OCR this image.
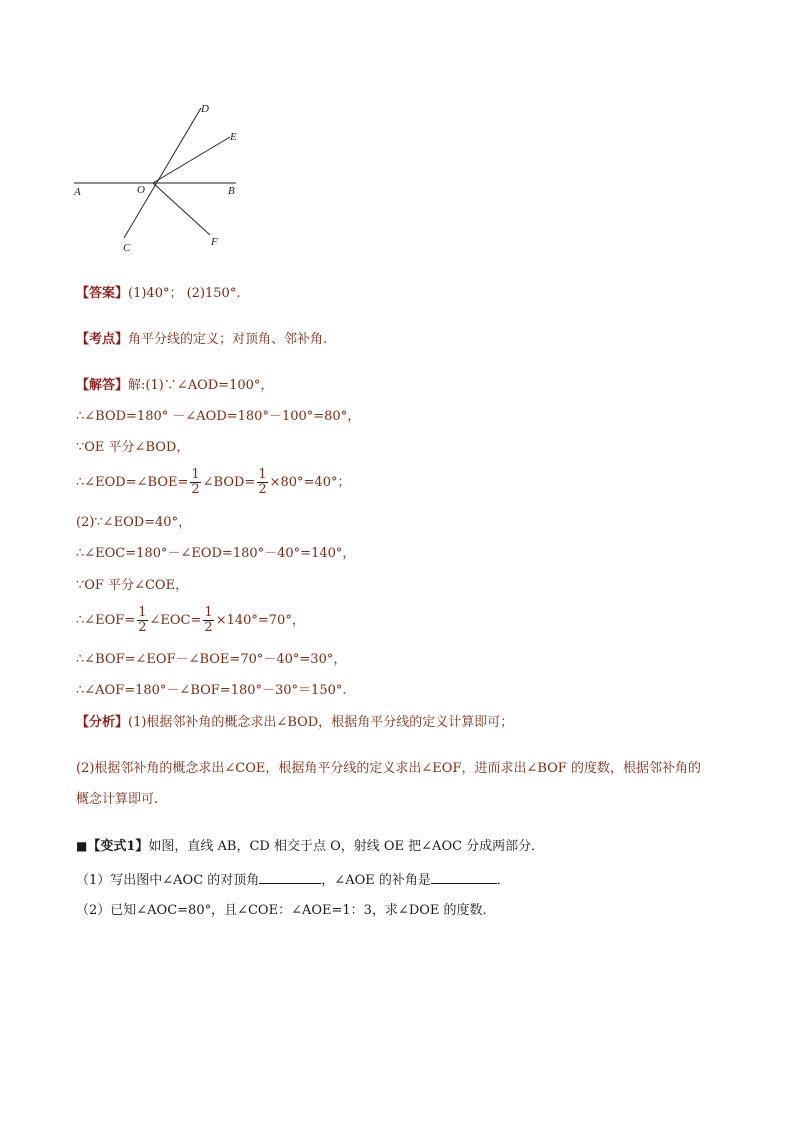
A	O	B
C
D
E
F
【答案】(1)40°； (2)150°.
【考点】角平分线的定义；对顶角、邻补角.
【解答】解:(1)∵∠AOD=100°，
∴∠BOD=180° －∠AOD=180°－100°=80°，
∵OE 平分∠BOD，
∴∠EOD=∠BOE= $\frac{1}{2}$ ∠BOD= $\frac{1}{2} \times 80^\circ=40^\circ$；
(2)∵∠EOD=40°，
∴∠EOC=180°－∠EOD=180°－40°=140°，
∵OF 平分∠COE，
∴∠EOF= $\frac{1}{2}$ ∠EOC= $\frac{1}{2} \times 140^\circ=70^\circ$，
∴∠BOF=∠EOF－∠BOE=70°－40°=30°，
∴∠AOF=180°－∠BOF=180°－30°＝150°.
【分析】(1)根据邻补角的概念求出∠BOD，根据角平分线的定义计算即可；
(2)根据邻补角的概念求出∠COE，根据角平分线的定义求出∠EOF，进而求出∠BOF 的度数，根据邻补角的
概念计算即可.
■【变式1】如图，直线 AB，CD 相交于点 O，射线 OE 把∠AOC 分成两部分．
（1）写出图中∠AOC 的对顶角	，∠AOE 的补角是	．
（2）已知∠AOC=80°，且∠COE：∠AOE=1：3，求∠DOE 的度数．
